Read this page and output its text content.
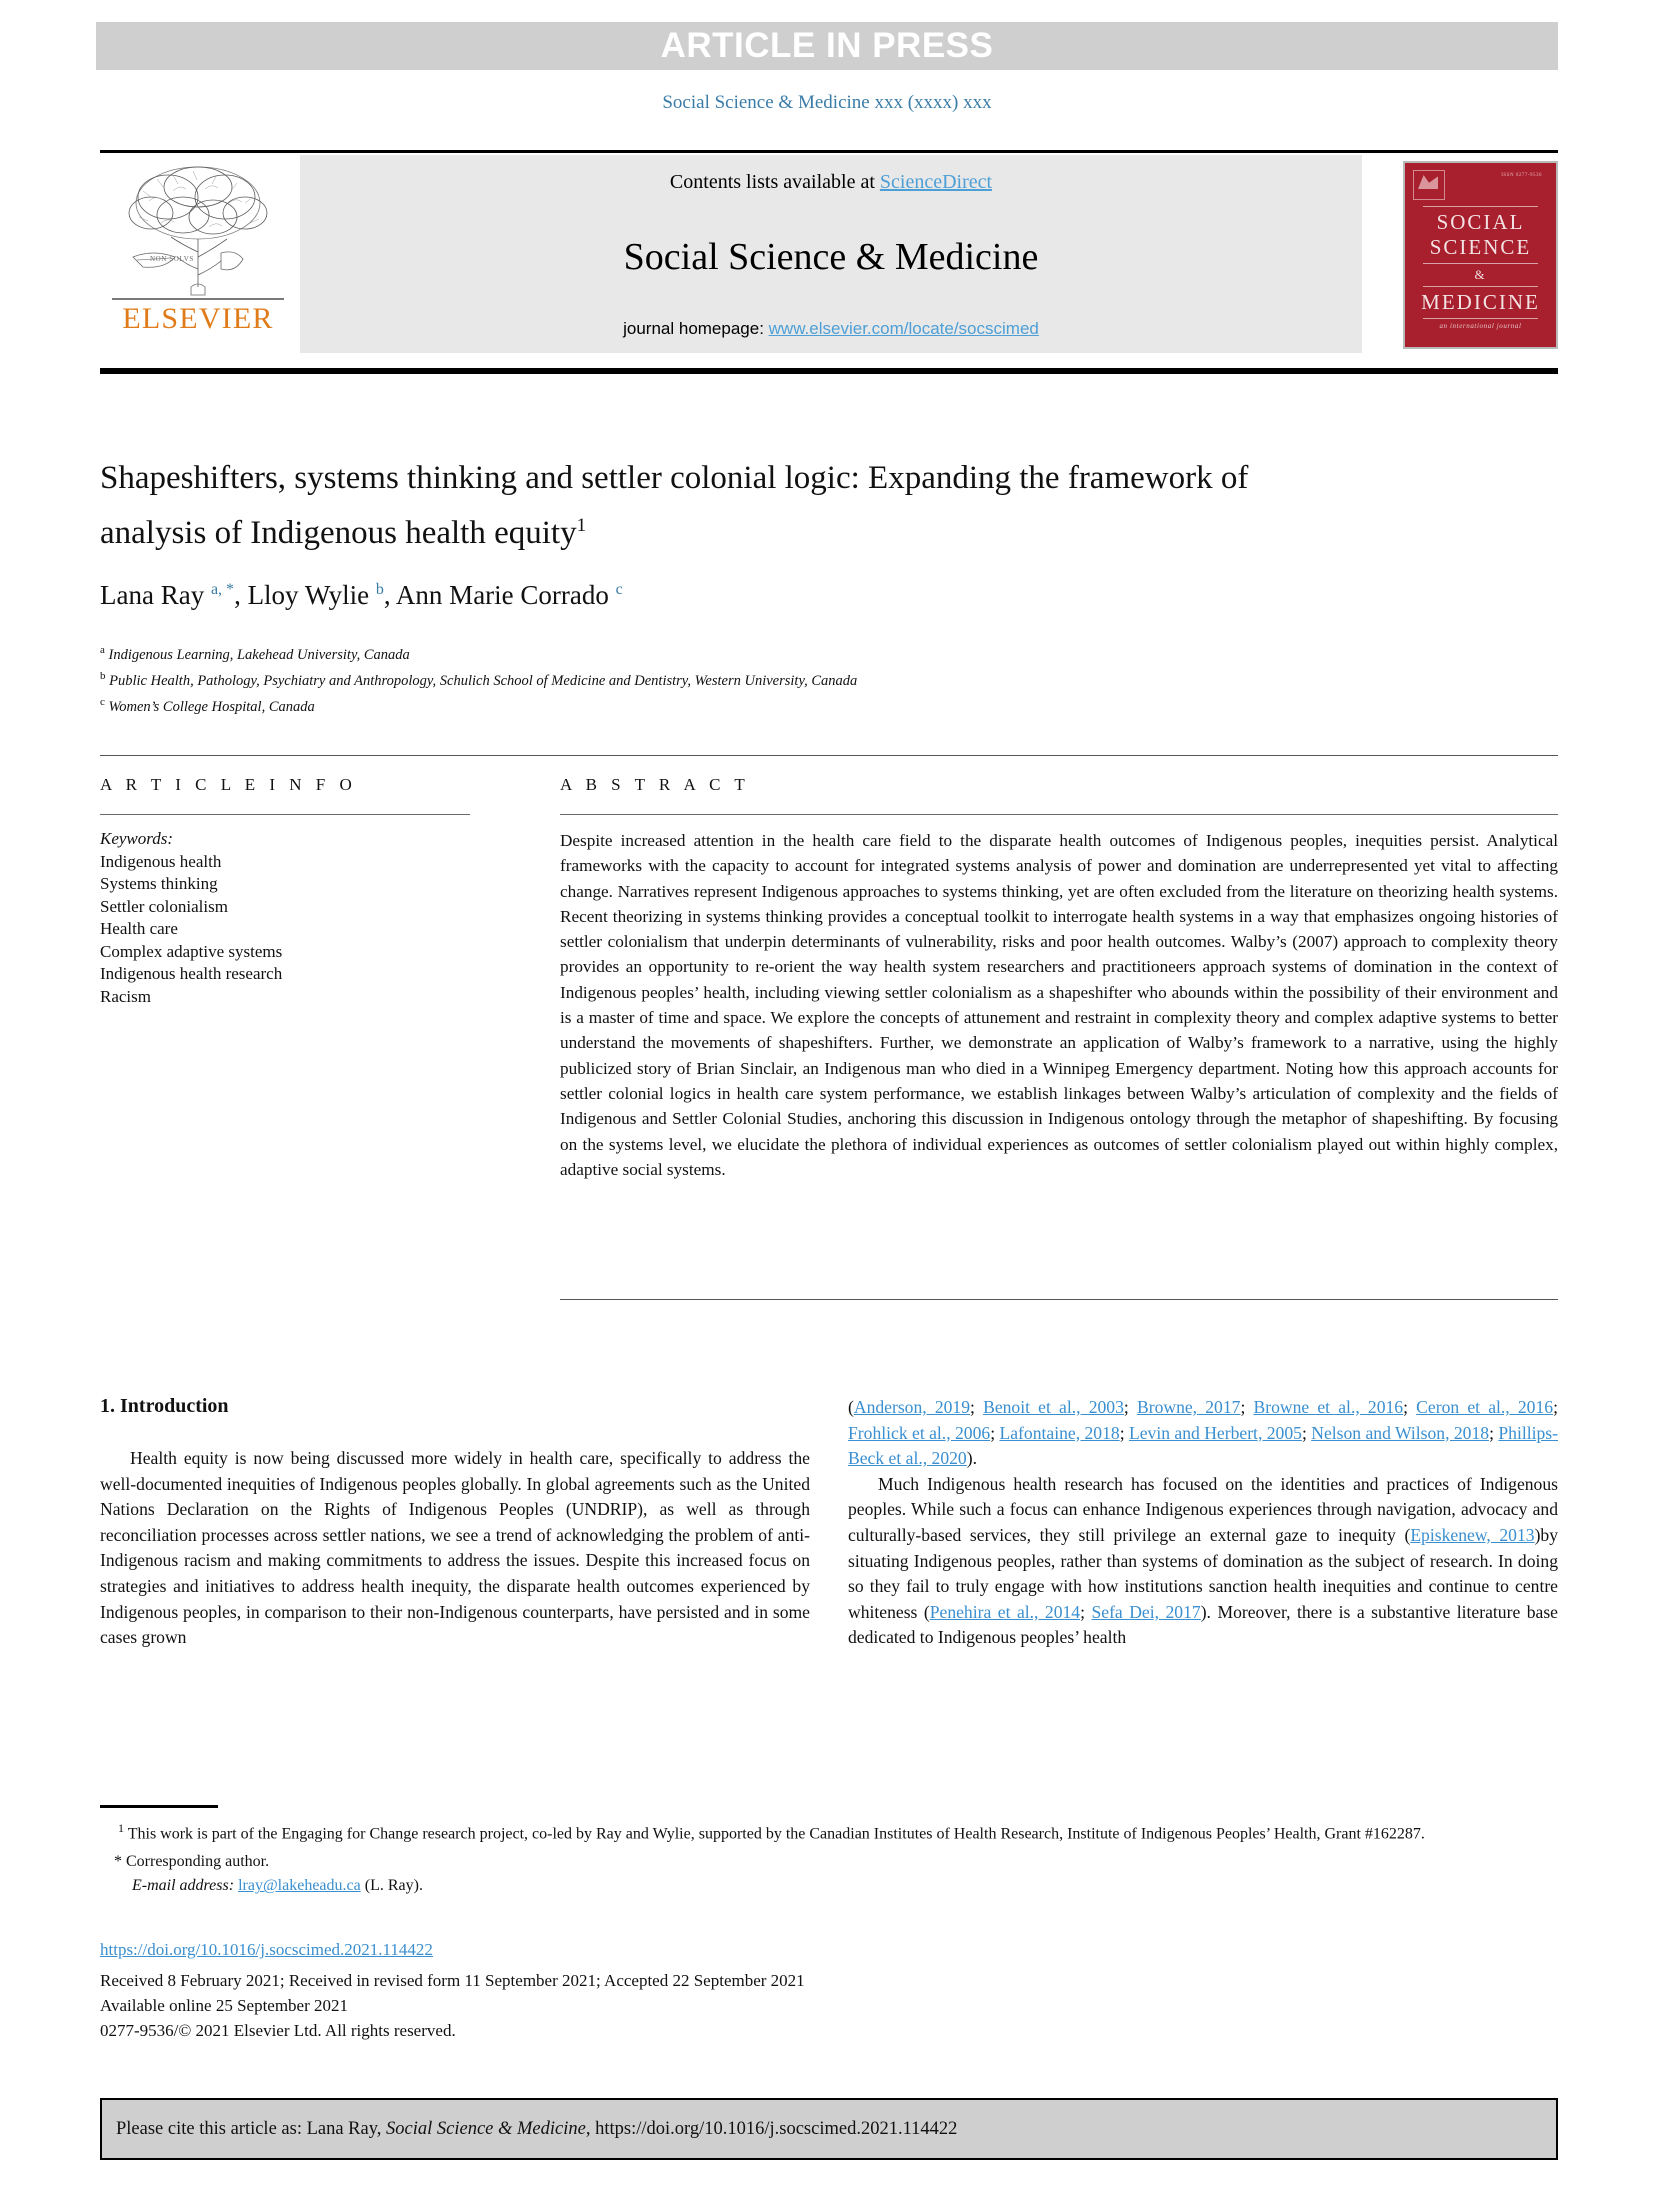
ARTICLE IN PRESS
Social Science & Medicine xxx (xxxx) xxx
NON SOLVS
ELSEVIER
Contents lists available at ScienceDirect
Social Science & Medicine
journal homepage: www.elsevier.com/locate/socscimed
ISSN 0277-9536
SOCIAL
SCIENCE
&
MEDICINE
an international journal
Shapeshifters, systems thinking and settler colonial logic: Expanding the framework of analysis of Indigenous health equity$^1$
Lana Ray $^{a, *}$, Lloy Wylie $^b$, Ann Marie Corrado $^c$
$^a$ Indigenous Learning, Lakehead University, Canada
$^b$ Public Health, Pathology, Psychiatry and Anthropology, Schulich School of Medicine and Dentistry, Western University, Canada
$^c$ Women’s College Hospital, Canada
A R T I C L E I N F O
Keywords:
Indigenous health
Systems thinking
Settler colonialism
Health care
Complex adaptive systems
Indigenous health research
Racism
A B S T R A C T
Despite increased attention in the health care field to the disparate health outcomes of Indigenous peoples, inequities persist. Analytical frameworks with the capacity to account for integrated systems analysis of power and domination are underrepresented yet vital to affecting change. Narratives represent Indigenous approaches to systems thinking, yet are often excluded from the literature on theorizing health systems. Recent theorizing in systems thinking provides a conceptual toolkit to interrogate health systems in a way that emphasizes ongoing histories of settler colonialism that underpin determinants of vulnerability, risks and poor health outcomes. Walby’s (2007) approach to complexity theory provides an opportunity to re-orient the way health system researchers and practitioneers approach systems of domination in the context of Indigenous peoples’ health, including viewing settler colonialism as a shapeshifter who abounds within the possibility of their environment and is a master of time and space. We explore the concepts of attunement and restraint in complexity theory and complex adaptive systems to better understand the movements of shapeshifters. Further, we demonstrate an application of Walby’s framework to a narrative, using the highly publicized story of Brian Sinclair, an Indigenous man who died in a Winnipeg Emergency department. Noting how this approach accounts for settler colonial logics in health care system performance, we establish linkages between Walby’s articulation of complexity and the fields of Indigenous and Settler Colonial Studies, anchoring this discussion in Indigenous ontology through the metaphor of shapeshifting. By focusing on the systems level, we elucidate the plethora of individual experiences as outcomes of settler colonialism played out within highly complex, adaptive social systems.
1. Introduction

Health equity is now being discussed more widely in health care, specifically to address the well-documented inequities of Indigenous peoples globally. In global agreements such as the United Nations Declaration on the Rights of Indigenous Peoples (UNDRIP), as well as through reconciliation processes across settler nations, we see a trend of acknowledging the problem of anti-Indigenous racism and making commitments to address the issues. Despite this increased focus on strategies and initiatives to address health inequity, the disparate health outcomes experienced by Indigenous peoples, in comparison to their non-Indigenous counterparts, have persisted and in some cases grown

(Anderson, 2019; Benoit et al., 2003; Browne, 2017; Browne et al., 2016; Ceron et al., 2016; Frohlick et al., 2006; Lafontaine, 2018; Levin and Herbert, 2005; Nelson and Wilson, 2018; Phillips-Beck et al., 2020).

Much Indigenous health research has focused on the identities and practices of Indigenous peoples. While such a focus can enhance Indigenous experiences through navigation, advocacy and culturally-based services, they still privilege an external gaze to inequity (Episkenew, 2013)by situating Indigenous peoples, rather than systems of domination as the subject of research. In doing so they fail to truly engage with how institutions sanction health inequities and continue to centre whiteness (Penehira et al., 2014; Sefa Dei, 2017). Moreover, there is a substantive literature base dedicated to Indigenous peoples’ health

$^1$ This work is part of the Engaging for Change research project, co-led by Ray and Wylie, supported by the Canadian Institutes of Health Research, Institute of Indigenous Peoples’ Health, Grant #162287.
* Corresponding author.
E-mail address: lray@lakeheadu.ca (L. Ray).
https://doi.org/10.1016/j.socscimed.2021.114422
Received 8 February 2021; Received in revised form 11 September 2021; Accepted 22 September 2021
Available online 25 September 2021
0277-9536/© 2021 Elsevier Ltd. All rights reserved.
Please cite this article as: Lana Ray, Social Science & Medicine, https://doi.org/10.1016/j.socscimed.2021.114422
